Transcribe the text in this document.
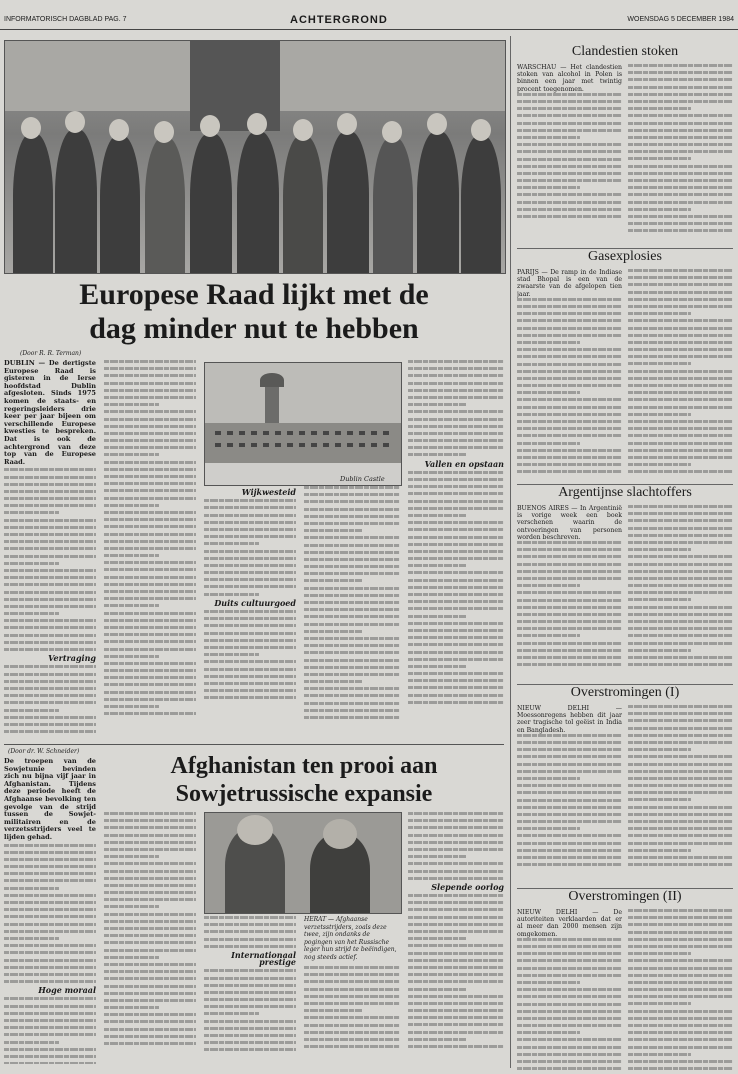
INFORMATORISCH DAGBLAD PAG. 7	ACHTERGROND	WOENSDAG 5 DECEMBER 1984
Europese Raad lijkt met de
dag minder nut te hebben
(Door R. R. Terman)

DUBLIN — De dertigste Europese Raad is gisteren in de Ierse hoofdstad Dublin afgesloten. Sinds 1975 komen de staats- en regeringsleiders drie keer per jaar bijeen om verschillende Europese kwesties te bespreken. Dat is ook de achtergrond van deze top van de Europese Raad.

Vertraging
Wijkwesteid
Duits cultuurgoed
Dublin Castle
Vallen en opstaan
(Door dr. W. Schneider)

De troepen van de Sowjetunie bevinden zich nu bijna vijf jaar in Afghanistan. Tijdens deze periode heeft de Afghaanse bevolking ten gevolge van de strijd tussen de Sowjet-militairen en de verzetsstrijders veel te lijden gehad.

Hoge moraal
Afghanistan ten prooi aan
Sowjetrussische expansie
Internationaal prestige
HERAT — Afghaanse verzetsstrijders, zoals deze twee, zijn ondanks de pogingen van het Russische leger hun strijd te beëindigen, nog steeds actief.
Slepende oorlog
Clandestien stoken
WARSCHAU — Het clandestien stoken van alcohol in Polen is binnen een jaar met twintig procent toegenomen.
Gasexplosies
PARIJS — De ramp in de Indiase stad Bhopal is een van de zwaarste van de afgelopen tien jaar.
Argentijnse slachtoffers
BUENOS AIRES — In Argentinië is vorige week een boek verschenen waarin de ontvoeringen van personen worden beschreven.
Overstromingen (I)
NIEUW DELHI — Moessonregens hebben dit jaar zeer tragische tol geëist in India en Bangladesh.
Overstromingen (II)
NIEUW DELHI — De autoriteiten verklaarden dat er al meer dan 2000 mensen zijn omgekomen.
